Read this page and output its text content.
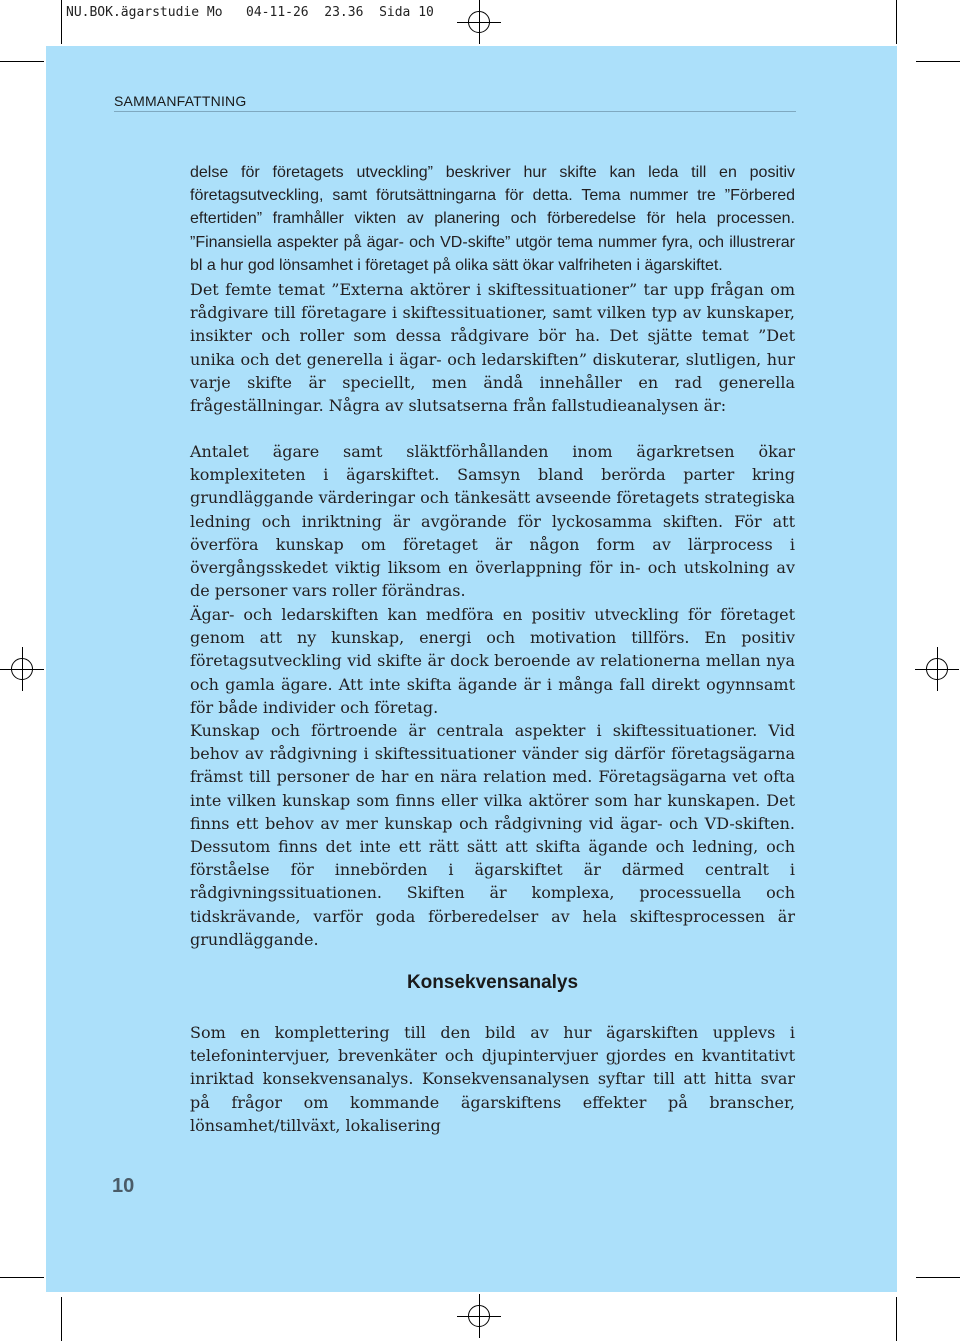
NU.BOK.ägarstudie Mo   04-11-26  23.36  Sida 10
SAMMANFATTNING

delse för företagets utveckling” beskriver hur skifte kan leda till en positiv företagsutveckling, samt förutsättningarna för detta. Tema nummer tre ”Förbered eftertiden” framhåller vikten av planering och förberedelse för hela processen. ”Finansiella aspekter på ägar- och VD-skifte” utgör tema nummer fyra, och illustrerar bl a hur god lönsamhet i företaget på olika sätt ökar valfriheten i ägarskiftet.

Det femte temat ”Externa aktörer i skiftessituationer” tar upp frågan om rådgivare till företagare i skiftessituationer, samt vilken typ av kunskaper, insikter och roller som dessa rådgivare bör ha. Det sjätte temat ”Det unika och det generella i ägar- och ledarskiften” diskuterar, slutligen, hur varje skifte är speciellt, men ändå innehåller en rad generella frågeställningar. Några av slutsatserna från fallstudieanalysen är:

Antalet ägare samt släktförhållanden inom ägarkretsen ökar komplexiteten i ägarskiftet. Samsyn bland berörda parter kring grundläggande värderingar och tänkesätt avseende företagets strategiska ledning och inriktning är avgörande för lyckosamma skiften. För att överföra kunskap om företaget är någon form av lärprocess i övergångsskedet viktig liksom en överlappning för in- och utskolning av de personer vars roller förändras.

Ägar- och ledarskiften kan medföra en positiv utveckling för företaget genom att ny kunskap, energi och motivation tillförs. En positiv företagsutveckling vid skifte är dock beroende av relationerna mellan nya och gamla ägare. Att inte skifta ägande är i många fall direkt ogynnsamt för både individer och företag.

Kunskap och förtroende är centrala aspekter i skiftessituationer. Vid behov av rådgivning i skiftessituationer vänder sig därför företagsägarna främst till personer de har en nära relation med. Företagsägarna vet ofta inte vilken kunskap som finns eller vilka aktörer som har kunskapen. Det finns ett behov av mer kunskap och rådgivning vid ägar- och VD-skiften. Dessutom finns det inte ett rätt sätt att skifta ägande och ledning, och förståelse för innebörden i ägarskiftet är därmed centralt i rådgivningssituationen. Skiften är komplexa, processuella och tidskrävande, varför goda förberedelser av hela skiftesprocessen är grundläggande.

Konsekvensanalys

Som en komplettering till den bild av hur ägarskiften upplevs i telefonintervjuer, brevenkäter och djupintervjuer gjordes en kvantitativt inriktad konsekvensanalys. Konsekvensanalysen syftar till att hitta svar på frågor om kommande ägarskiftens effekter på branscher, lönsamhet/tillväxt, lokalisering

10
